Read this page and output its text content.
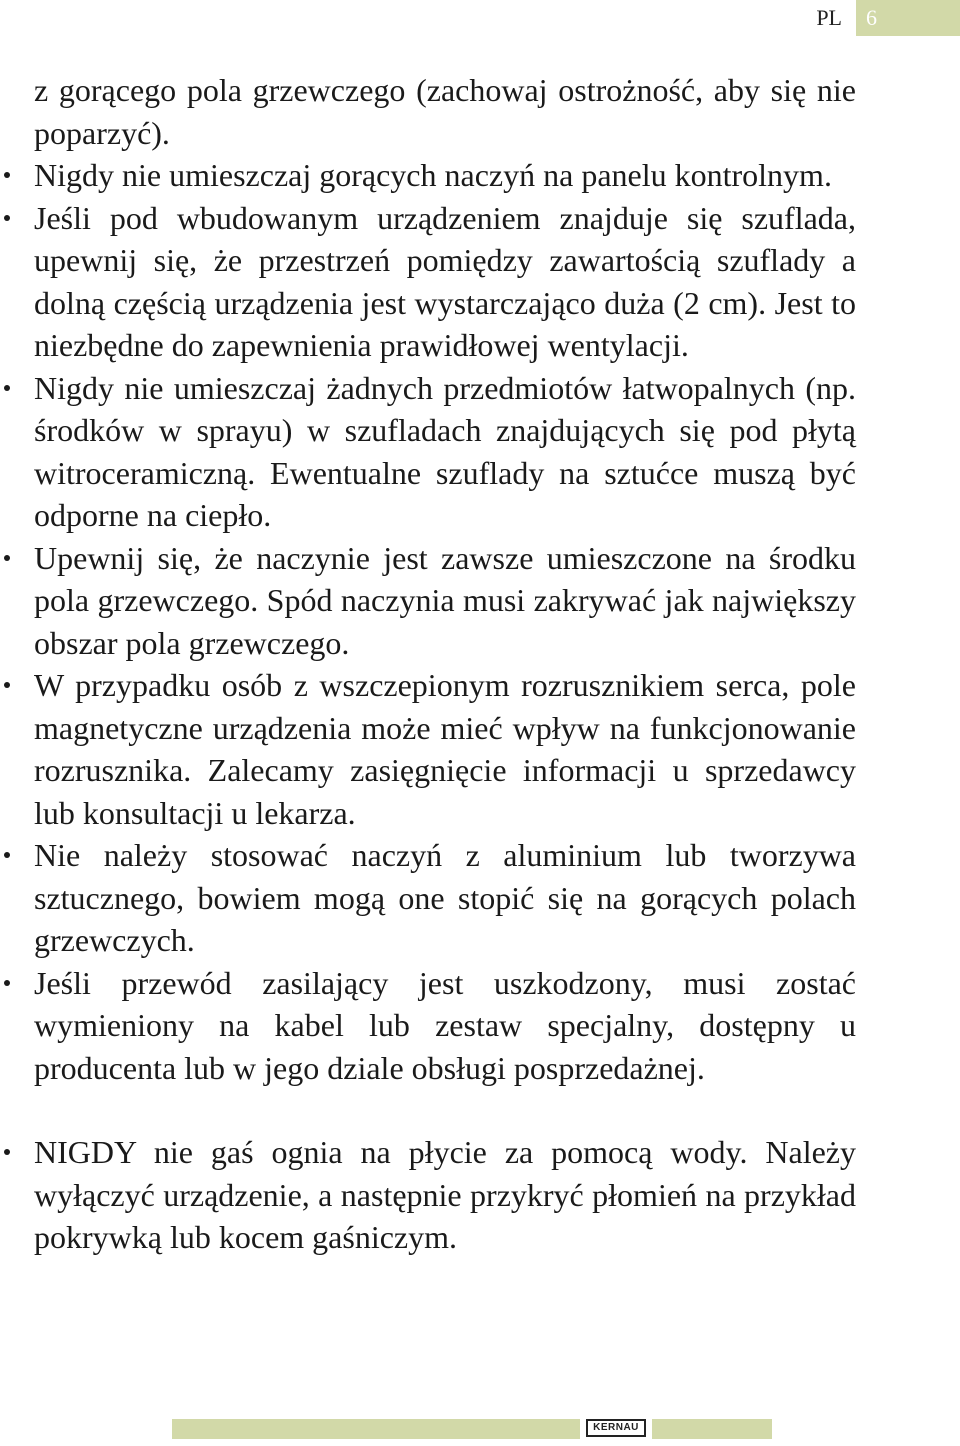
PL	6

z gorącego pola grzewczego (zachowaj ostrożność, aby się nie poparzyć).

Nigdy nie umieszczaj gorących naczyń na panelu kontrolnym.

Jeśli pod wbudowanym urządzeniem znajduje się szuflada, upewnij się, że przestrzeń pomiędzy zawartością szuflady a dolną częścią urządzenia jest wystarczająco duża (2 cm). Jest to niezbędne do zapewnienia prawidłowej wentylacji.

Nigdy nie umieszczaj żadnych przedmiotów łatwopalnych (np. środków w sprayu) w szufladach znajdujących się pod płytą witroceramiczną. Ewentualne szuflady na sztućce muszą być odporne na ciepło.

Upewnij się, że naczynie jest zawsze umieszczone na środku pola grzewczego. Spód naczynia musi zakrywać jak największy obszar pola grzewczego.

W przypadku osób z wszczepionym rozrusznikiem serca, pole magnetyczne urządzenia może mieć wpływ na funkcjonowanie rozrusznika. Zalecamy zasięgnięcie informacji u sprzedawcy lub konsultacji u lekarza.

Nie należy stosować naczyń z aluminium lub tworzywa sztucznego, bowiem mogą one stopić się na gorących polach grzewczych.

Jeśli przewód zasilający jest uszkodzony, musi zostać wymieniony na kabel lub zestaw specjalny, dostępny u producenta lub w jego dziale obsługi posprzedażnej.

NIGDY nie gaś ognia na płycie za pomocą wody. Należy wyłączyć urządzenie, a następnie przykryć płomień na przykład pokrywką lub kocem gaśniczym.

KERNAU
